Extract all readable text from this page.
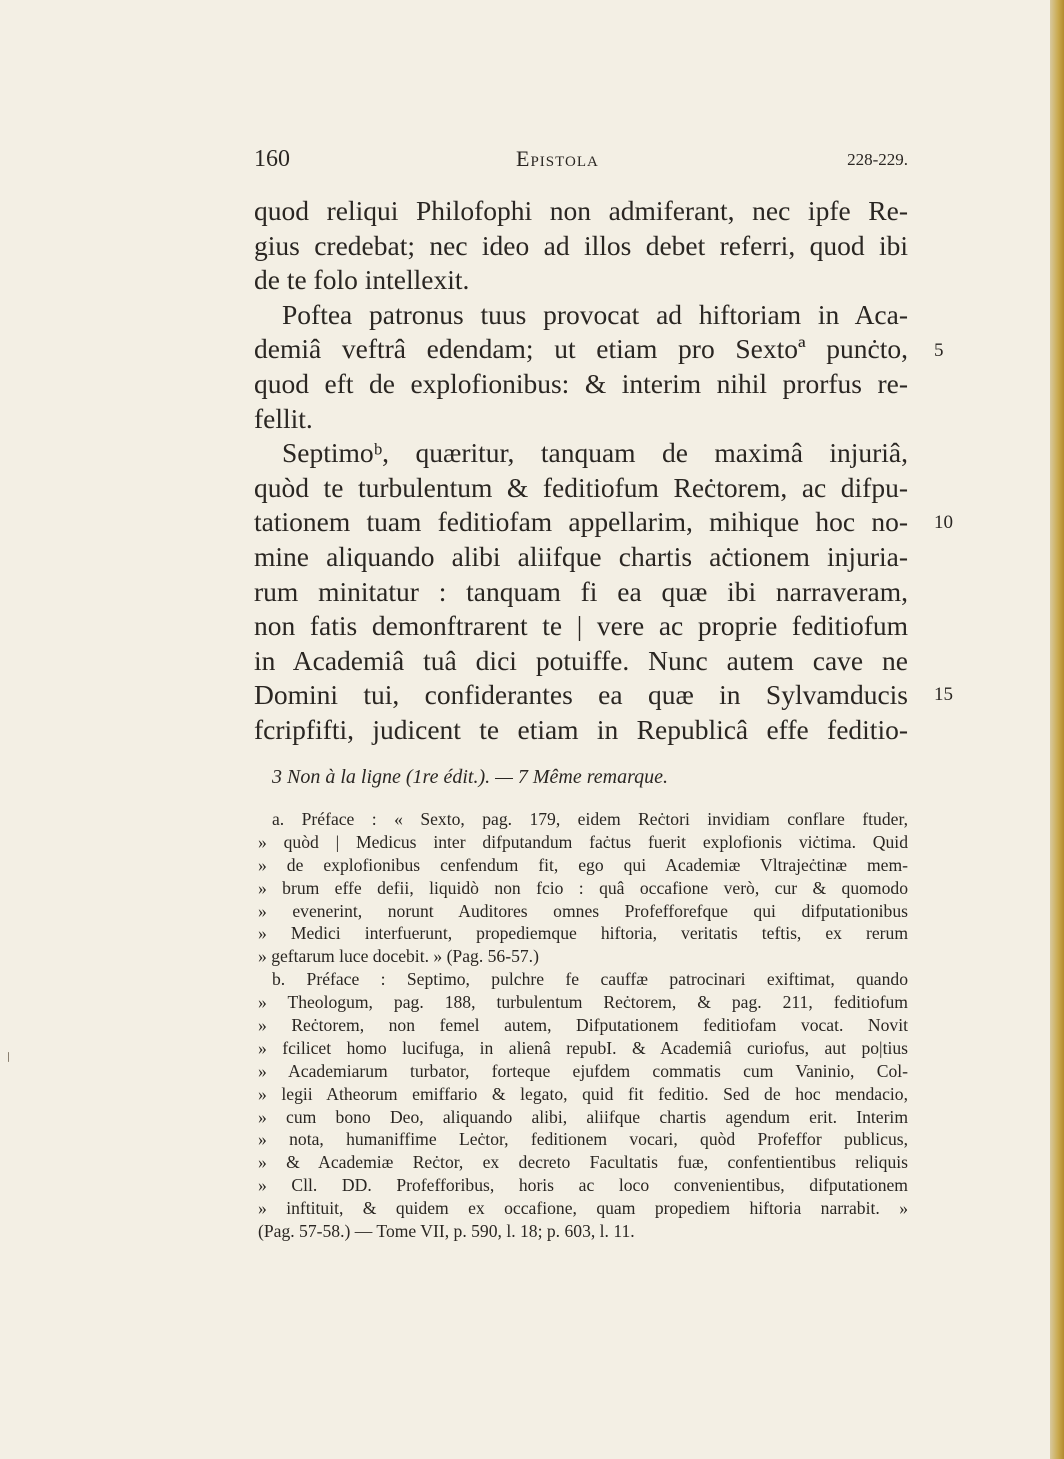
160	Epistola	228-229.
quod reliqui Philofophi non admiferant, nec ipfe Re-
gius credebat; nec ideo ad illos debet referri, quod ibi
de te folo intellexit.
Poftea patronus tuus provocat ad hiftoriam in Aca-
demiâ veftrâ edendam; ut etiam pro Sextoª punċto,
quod eft de explofionibus: & interim nihil prorfus re-
fellit.
Septimoᵇ, quæritur, tanquam de maximâ injuriâ,
quòd te turbulentum & feditiofum Reċtorem, ac difpu-
tationem tuam feditiofam appellarim, mihique hoc no-
mine aliquando alibi aliifque chartis aċtionem injuria-
rum minitatur : tanquam fi ea quæ ibi narraveram,
non fatis demonftrarent te | vere ac proprie feditiofum
in Academiâ tuâ dici potuiffe. Nunc autem cave ne
Domini tui, confiderantes ea quæ in Sylvamducis
fcripfifti, judicent te etiam in Republicâ effe feditio-
5
10
15
3 Non à la ligne (1re édit.). — 7 Même remarque.
a. Préface : « Sexto, pag. 179, eidem Reċtori invidiam conflare ftuder,
» quòd | Medicus inter difputandum faċtus fuerit explofionis viċtima. Quid
» de explofionibus cenfendum fit, ego qui Academiæ Vltrajeċtinæ mem-
» brum effe defii, liquidò non fcio : quâ occafione verò, cur & quomodo
» evenerint, norunt Auditores omnes Profefforefque qui difputationibus
» Medici interfuerunt, propediemque hiftoria, veritatis teftis, ex rerum
» geftarum luce docebit. » (Pag. 56-57.)
b. Préface : Septimo, pulchre fe cauffæ patrocinari exiftimat, quando
» Theologum, pag. 188, turbulentum Reċtorem, & pag. 211, feditiofum
» Reċtorem, non femel autem, Difputationem feditiofam vocat. Novit
» fcilicet homo lucifuga, in alienâ repubI. & Academiâ curiofus, aut po|tius
» Academiarum turbator, forteque ejufdem commatis cum Vaninio, Col-
» legii Atheorum emiffario & legato, quid fit feditio. Sed de hoc mendacio,
» cum bono Deo, aliquando alibi, aliifque chartis agendum erit. Interim
» nota, humaniffime Leċtor, feditionem vocari, quòd Profeffor publicus,
» & Academiæ Reċtor, ex decreto Facultatis fuæ, confentientibus reliquis
» Cll. DD. Profefforibus, horis ac loco convenientibus, difputationem
» inftituit, & quidem ex occafione, quam propediem hiftoria narrabit. »
(Pag. 57-58.) — Tome VII, p. 590, l. 18; p. 603, l. 11.
